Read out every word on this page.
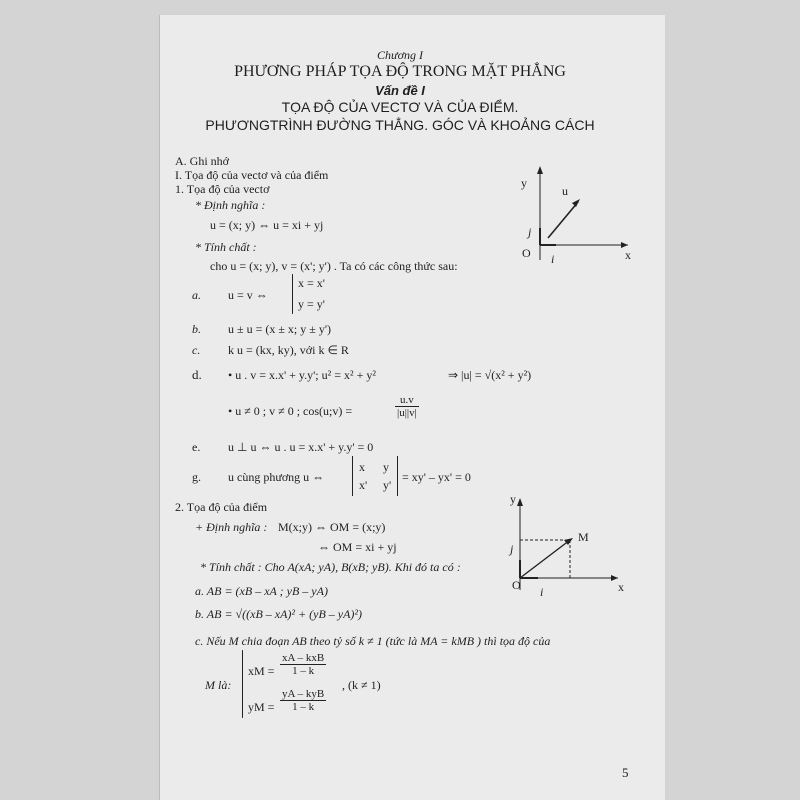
Chương I
PHƯƠNG PHÁP TỌA ĐỘ TRONG MẶT PHẲNG
Vấn đề I
TỌA ĐỘ CỦA VECTƠ VÀ CỦA ĐIỂM.
PHƯƠNGTRÌNH ĐƯỜNG THẲNG. GÓC VÀ KHOẢNG CÁCH
A. Ghi nhớ
I. Tọa độ của vectơ và của điểm
1. Tọa độ của vectơ
* Định nghĩa :
u = (x; y) ⇔ u = xi + yj
* Tính chất :
cho u = (x; y), v = (x'; y') . Ta có các công thức sau:
a. u = v ⇔
x = x'
y = y'
b. u ± u = (x ± x; y ± y')
c. k u = (kx, ky), với k ∈ R
d. • u . v = x.x' + y.y'; u² = x² + y²	⇒ |u| = √(x² + y²)
• u ≠ 0 ; v ≠ 0 ; cos(u;v) =	$\frac{u.v}{|u||v|}$
e. u ⊥ u ⇔ u . u = x.x' + y.y' = 0
g. u cùng phương u ⇔
x y
x' y'
= xy' – yx' = 0
2. Tọa độ của điểm
+ Định nghĩa : M(x;y) ⇔ OM = (x;y)
⇔ OM = xi + yj
* Tính chất : Cho A(xA; yA), B(xB; yB). Khi đó ta có :
a. AB = (xB – xA ; yB – yA)
b. AB = √((xB – xA)² + (yB – yA)²)
c. Nếu M chia đoạn AB theo tỷ số k ≠ 1 (tức là MA = kMB ) thì tọa độ của
M là:
xM =
xA – kxB
1 – k
, (k ≠ 1)
yM =
yA – kyB
1 – k
y
x
O
u
j
i
y
x
O
M
j
i
5
